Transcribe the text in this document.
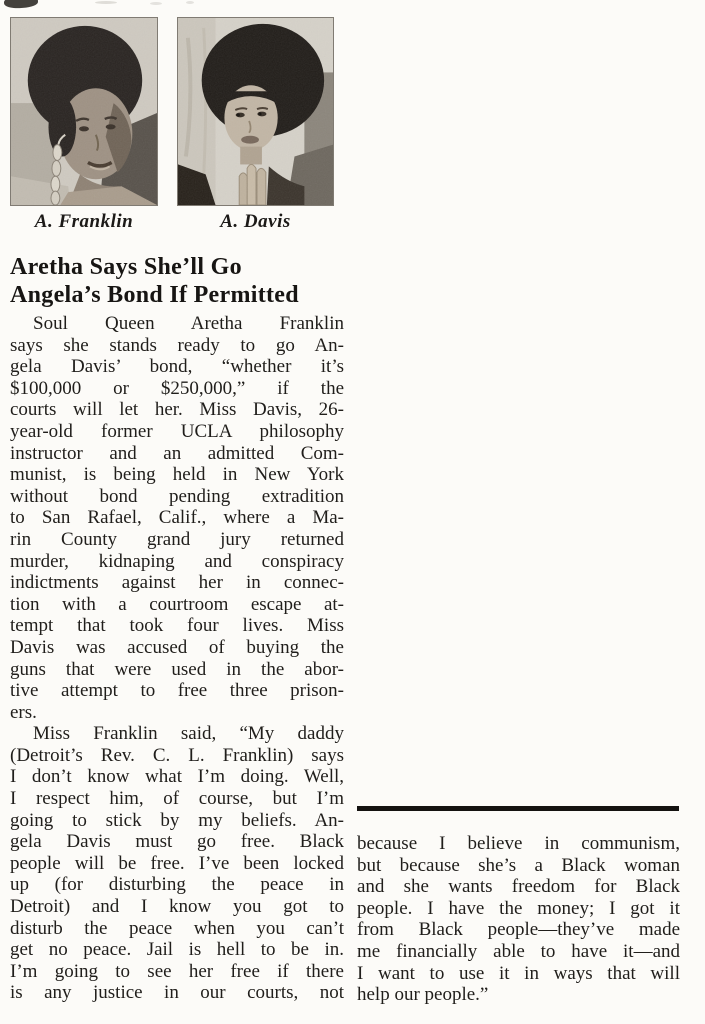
A. Franklin	A. Davis
Aretha Says She’ll Go
Angela’s Bond If Permitted
Soul Queen Aretha Franklin
says she stands ready to go An-
gela Davis’ bond, “whether it’s
$100,000 or $250,000,” if the
courts will let her. Miss Davis, 26-
year-old former UCLA philosophy
instructor and an admitted Com-
munist, is being held in New York
without bond pending extradition
to San Rafael, Calif., where a Ma-
rin County grand jury returned
murder, kidnaping and conspiracy
indictments against her in connec-
tion with a courtroom escape at-
tempt that took four lives. Miss
Davis was accused of buying the
guns that were used in the abor-
tive attempt to free three prison-
ers.
Miss Franklin said, “My daddy
(Detroit’s Rev. C. L. Franklin) says
I don’t know what I’m doing. Well,
I respect him, of course, but I’m
going to stick by my beliefs. An-
gela Davis must go free. Black
people will be free. I’ve been locked
up (for disturbing the peace in
Detroit) and I know you got to
disturb the peace when you can’t
get no peace. Jail is hell to be in.
I’m going to see her free if there
is any justice in our courts, not
because I believe in communism,
but because she’s a Black woman
and she wants freedom for Black
people. I have the money; I got it
from Black people—they’ve made
me financially able to have it—and
I want to use it in ways that will
help our people.”
